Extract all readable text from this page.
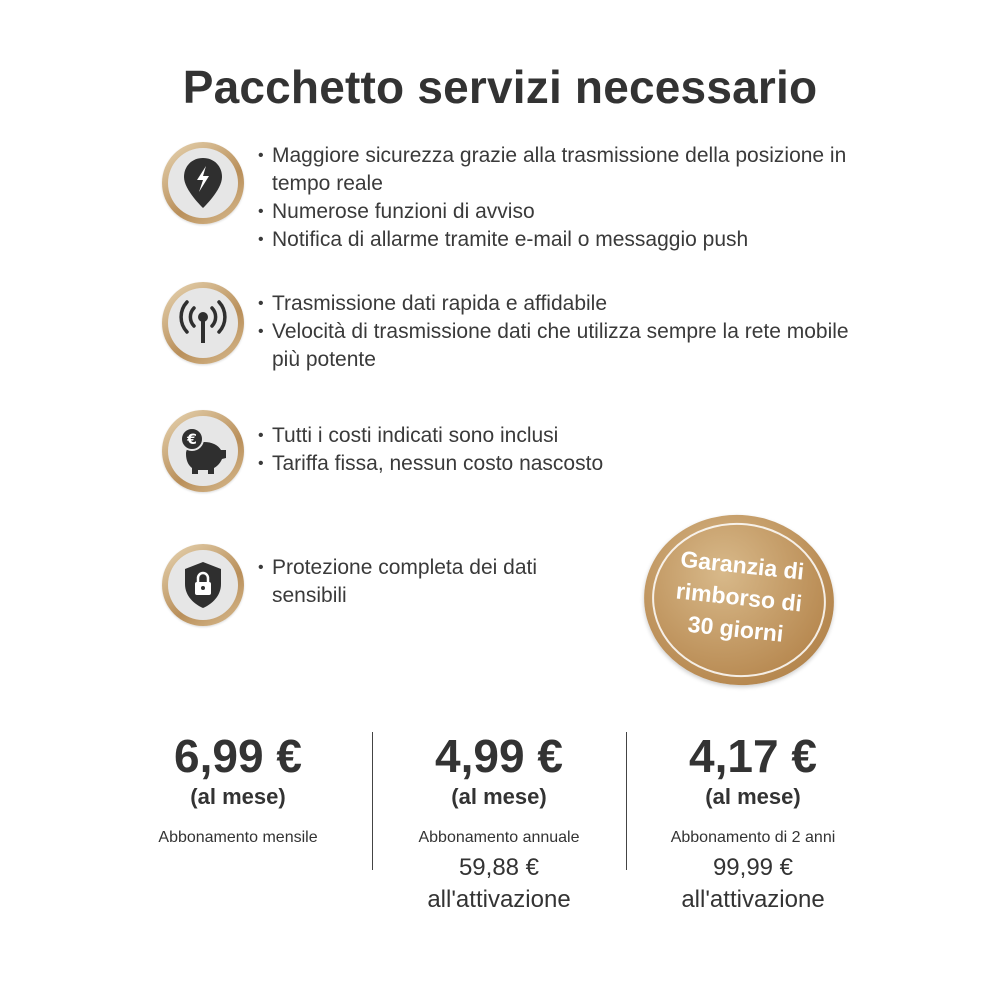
Pacchetto servizi necessario
• Maggiore sicurezza grazie alla trasmissione della posizione in tempo reale
• Numerose funzioni di avviso
• Notifica di allarme tramite e-mail o messaggio push
• Trasmissione dati rapida e affidabile
• Velocità di trasmissione dati che utilizza sempre la rete mobile più potente
€
•	Tutti i costi indicati sono inclusi
• Tariffa fissa, nessun costo nascosto
• Protezione completa dei dati sensibili
Garanzia di
rimborso di
30 giorni
6,99 €
(al mese)
Abbonamento mensile
4,99 €
(al mese)
Abbonamento annuale
59,88 €
all'attivazione
4,17 €
(al mese)
Abbonamento di 2 anni
99,99 €
all'attivazione
